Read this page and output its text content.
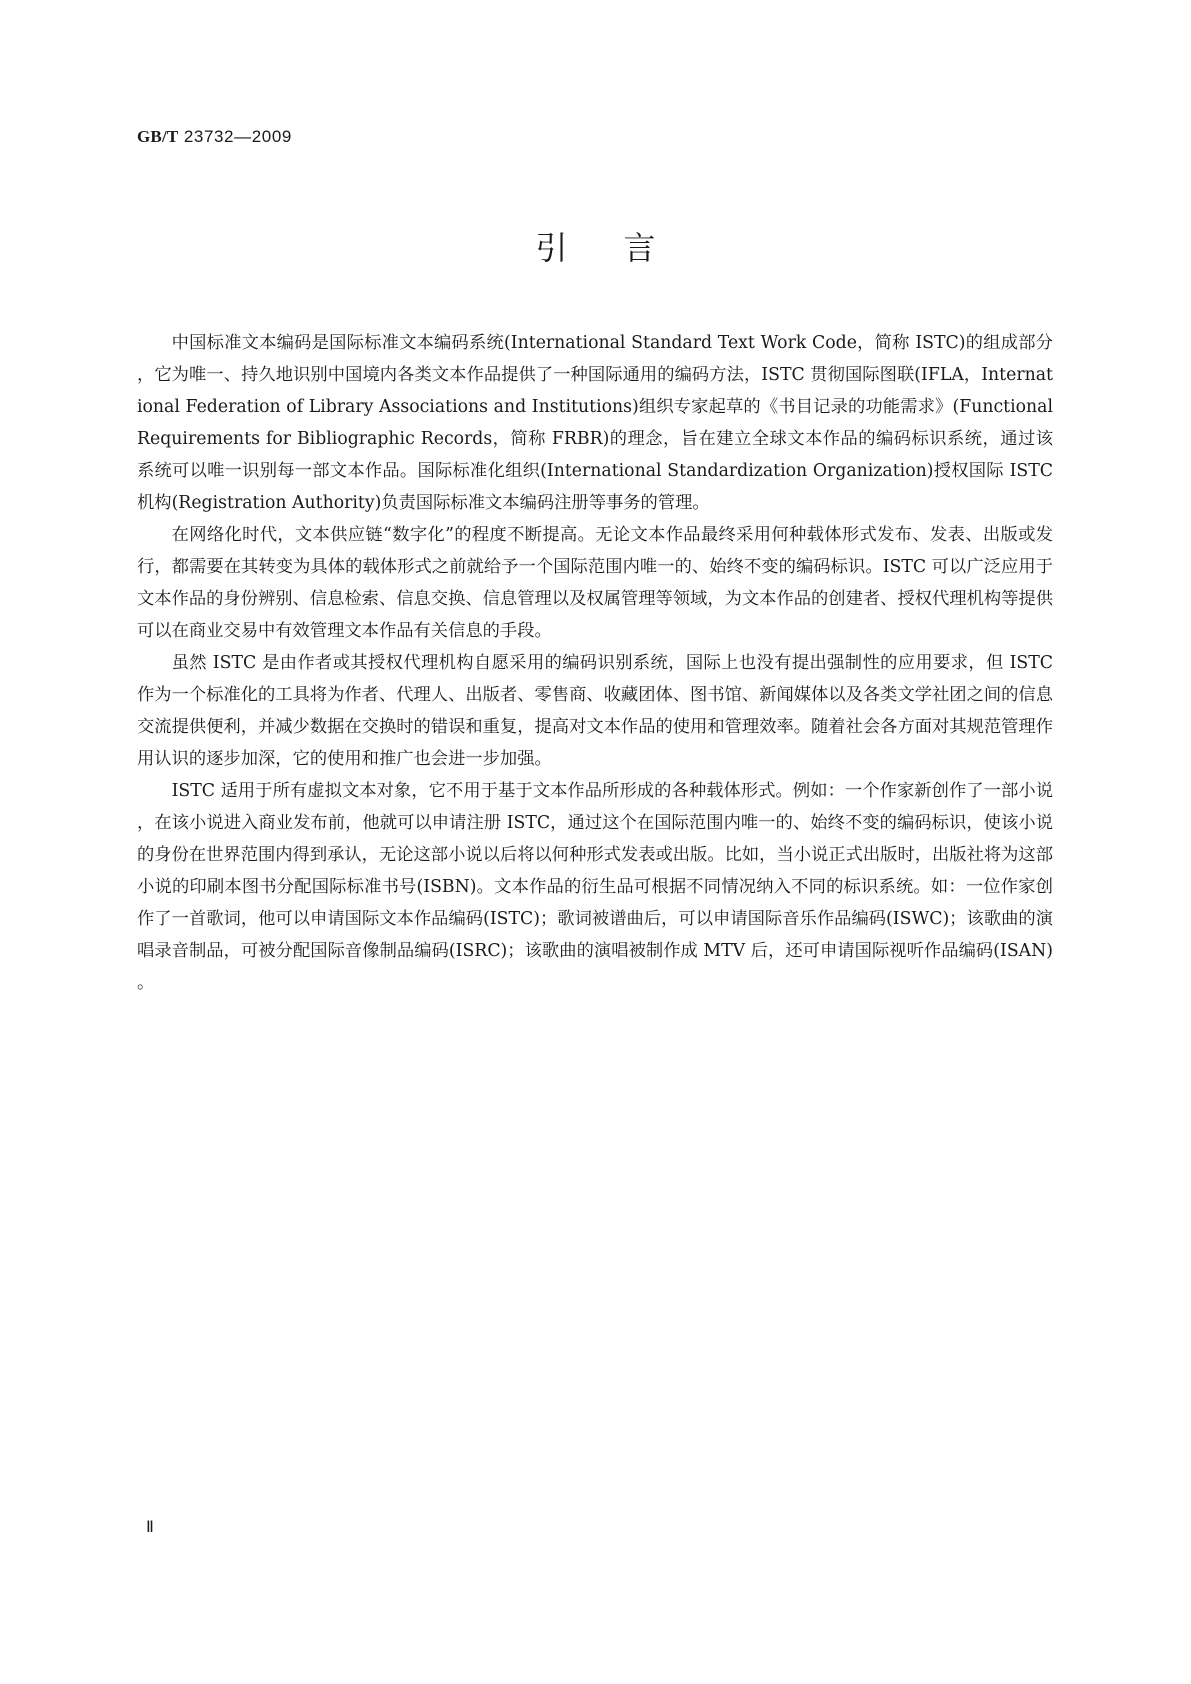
GB/T 23732—2009
引 言

中国标准文本编码是国际标准文本编码系统(International Standard Text Work Code，简称 ISTC)的组成部分，它为唯一、持久地识别中国境内各类文本作品提供了一种国际通用的编码方法，ISTC 贯彻国际图联(IFLA，International Federation of Library Associations and Institutions)组织专家起草的《书目记录的功能需求》(Functional Requirements for Bibliographic Records，简称 FRBR)的理念，旨在建立全球文本作品的编码标识系统，通过该系统可以唯一识别每一部文本作品。国际标准化组织(International Standardization Organization)授权国际 ISTC 机构(Registration Authority)负责国际标准文本编码注册等事务的管理。

在网络化时代，文本供应链“数字化”的程度不断提高。无论文本作品最终采用何种载体形式发布、发表、出版或发行，都需要在其转变为具体的载体形式之前就给予一个国际范围内唯一的、始终不变的编码标识。ISTC 可以广泛应用于文本作品的身份辨别、信息检索、信息交换、信息管理以及权属管理等领域，为文本作品的创建者、授权代理机构等提供可以在商业交易中有效管理文本作品有关信息的手段。

虽然 ISTC 是由作者或其授权代理机构自愿采用的编码识别系统，国际上也没有提出强制性的应用要求，但 ISTC 作为一个标准化的工具将为作者、代理人、出版者、零售商、收藏团体、图书馆、新闻媒体以及各类文学社团之间的信息交流提供便利，并减少数据在交换时的错误和重复，提高对文本作品的使用和管理效率。随着社会各方面对其规范管理作用认识的逐步加深，它的使用和推广也会进一步加强。

ISTC 适用于所有虚拟文本对象，它不用于基于文本作品所形成的各种载体形式。例如：一个作家新创作了一部小说，在该小说进入商业发布前，他就可以申请注册 ISTC，通过这个在国际范围内唯一的、始终不变的编码标识，使该小说的身份在世界范围内得到承认，无论这部小说以后将以何种形式发表或出版。比如，当小说正式出版时，出版社将为这部小说的印刷本图书分配国际标准书号(ISBN)。文本作品的衍生品可根据不同情况纳入不同的标识系统。如：一位作家创作了一首歌词，他可以申请国际文本作品编码(ISTC)；歌词被谱曲后，可以申请国际音乐作品编码(ISWC)；该歌曲的演唱录音制品，可被分配国际音像制品编码(ISRC)；该歌曲的演唱被制作成 MTV 后，还可申请国际视听作品编码(ISAN)。

Ⅱ
